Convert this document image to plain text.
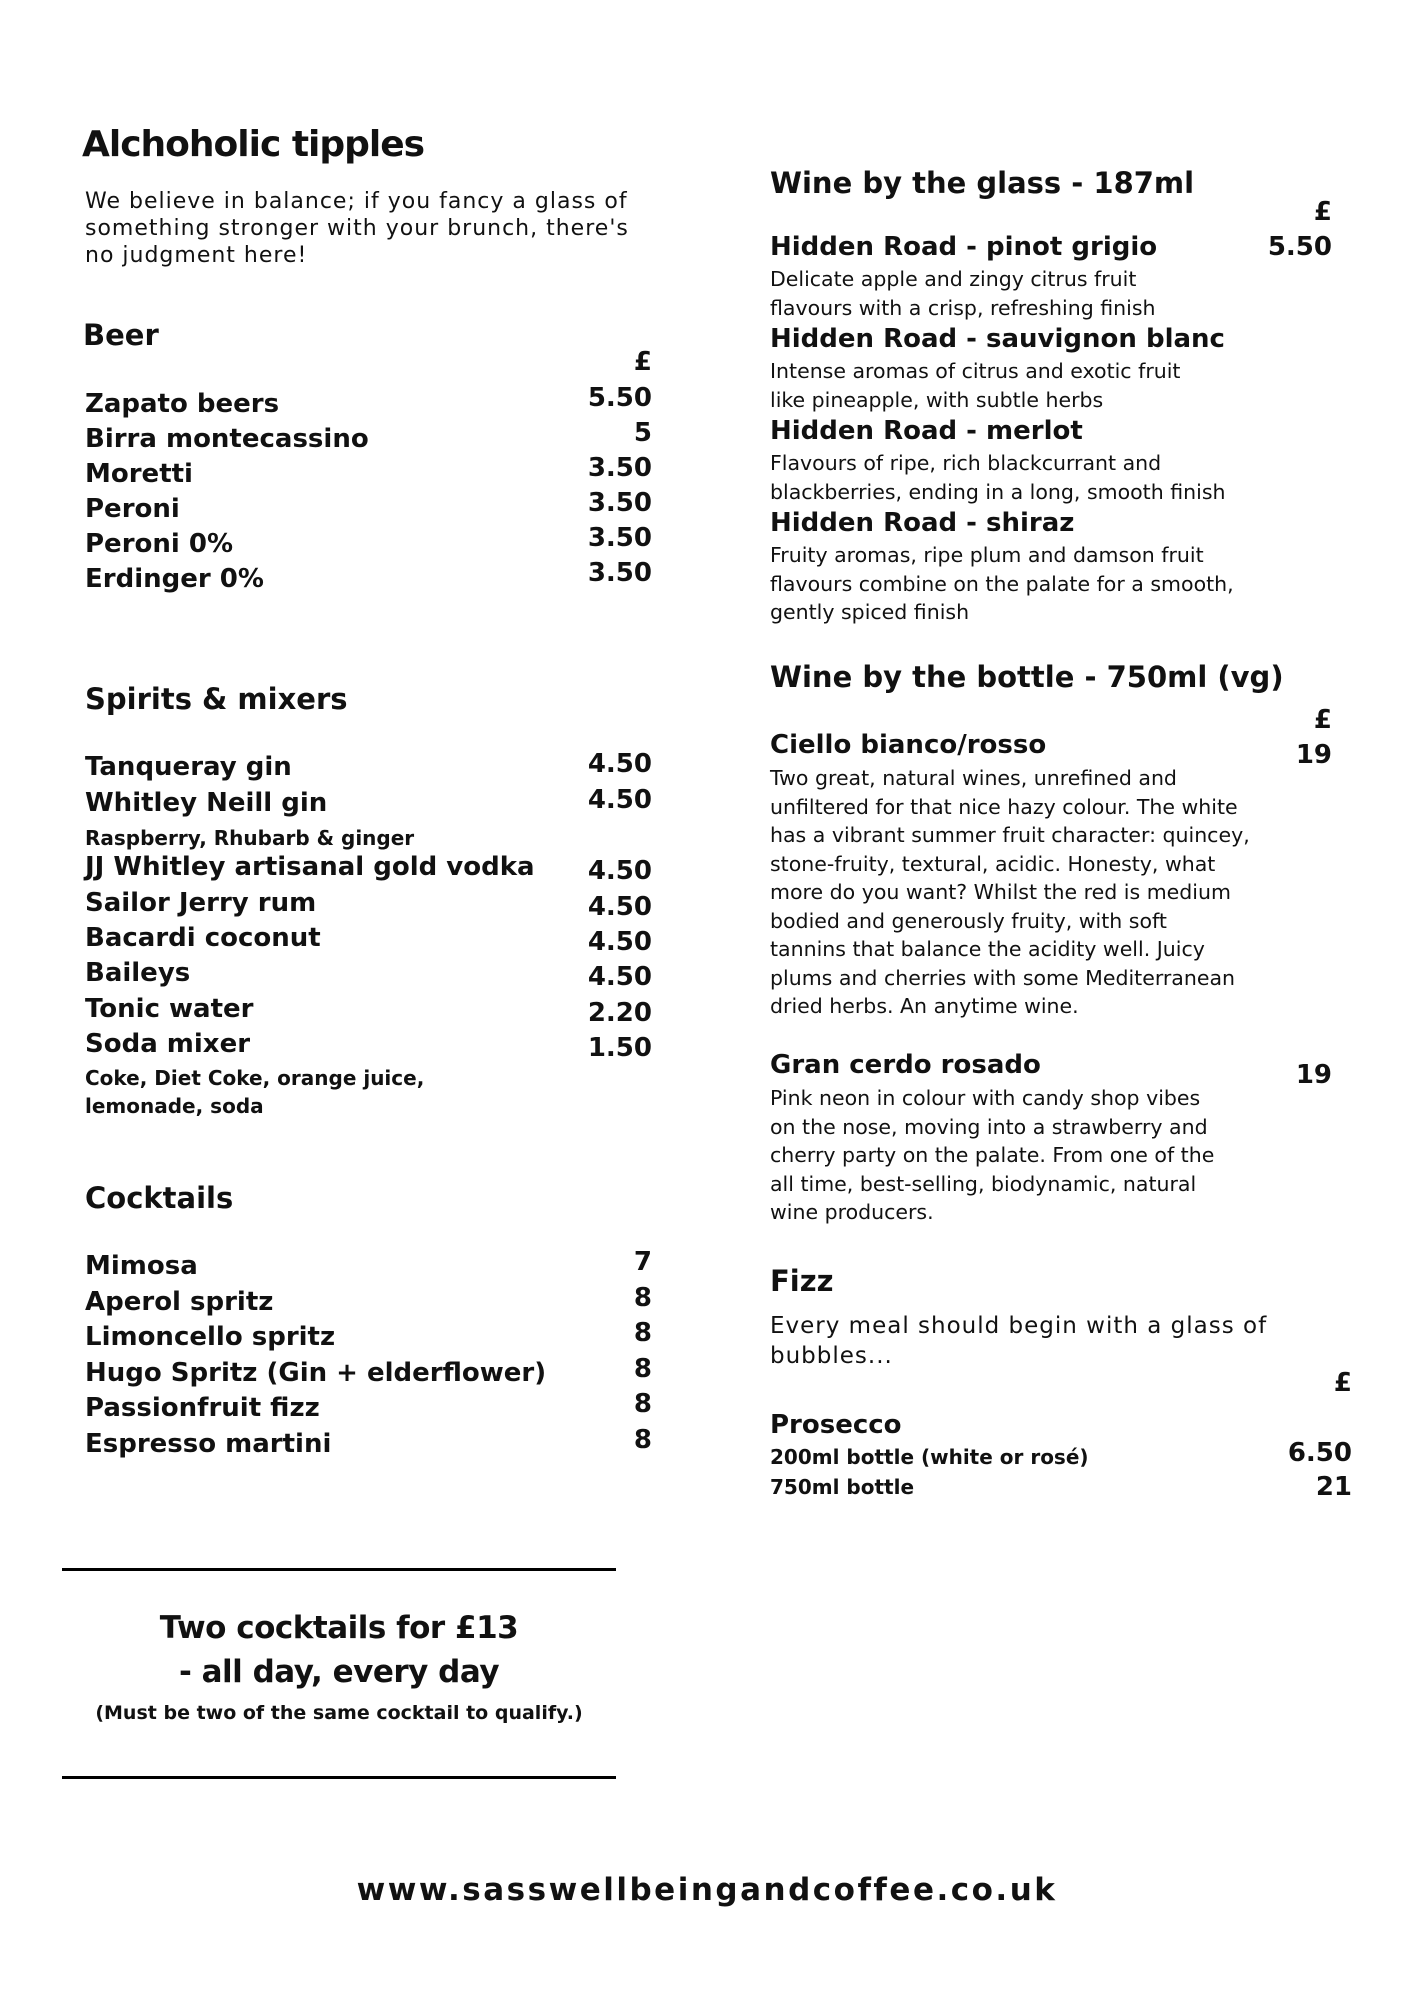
Alchoholic tipples
We believe in balance; if you fancy a glass of
something stronger with your brunch, there's
no judgment here!
Beer
£
Zapato beers	5.50
Birra montecassino	5
Moretti	3.50
Peroni	3.50
Peroni 0%	3.50
Erdinger 0%	3.50
Spirits & mixers
Tanqueray gin	4.50
Whitley Neill gin	4.50
Raspberry, Rhubarb & ginger
JJ Whitley artisanal gold vodka	4.50
Sailor Jerry rum	4.50
Bacardi coconut	4.50
Baileys	4.50
Tonic water	2.20
Soda mixer	1.50
Coke, Diet Coke, orange juice,
lemonade, soda
Cocktails
Mimosa	7
Aperol spritz	8
Limoncello spritz	8
Hugo Spritz (Gin + elderflower)	8
Passionfruit fizz	8
Espresso martini	8
Two cocktails for £13
- all day, every day
(Must be two of the same cocktail to qualify.)
Wine by the glass - 187ml
£
Hidden Road - pinot grigio	5.50
Delicate apple and zingy citrus fruit
flavours with a crisp, refreshing finish
Hidden Road - sauvignon blanc
Intense aromas of citrus and exotic fruit
like pineapple, with subtle herbs
Hidden Road - merlot
Flavours of ripe, rich blackcurrant and
blackberries, ending in a long, smooth finish
Hidden Road - shiraz
Fruity aromas, ripe plum and damson fruit
flavours combine on the palate for a smooth,
gently spiced finish
Wine by the bottle - 750ml (vg)
£
Ciello bianco/rosso	19
Two great, natural wines, unrefined and
unfiltered for that nice hazy colour. The white
has a vibrant summer fruit character: quincey,
stone-fruity, textural, acidic. Honesty, what
more do you want? Whilst the red is medium
bodied and generously fruity, with soft
tannins that balance the acidity well. Juicy
plums and cherries with some Mediterranean
dried herbs. An anytime wine.
Gran cerdo rosado	19
Pink neon in colour with candy shop vibes
on the nose, moving into a strawberry and
cherry party on the palate. From one of the
all time, best-selling, biodynamic, natural
wine producers.
Fizz
Every meal should begin with a glass of
bubbles...
£
Prosecco
200ml bottle (white or rosé)	6.50
750ml bottle	21
www.sasswellbeingandcoffee.co.uk
